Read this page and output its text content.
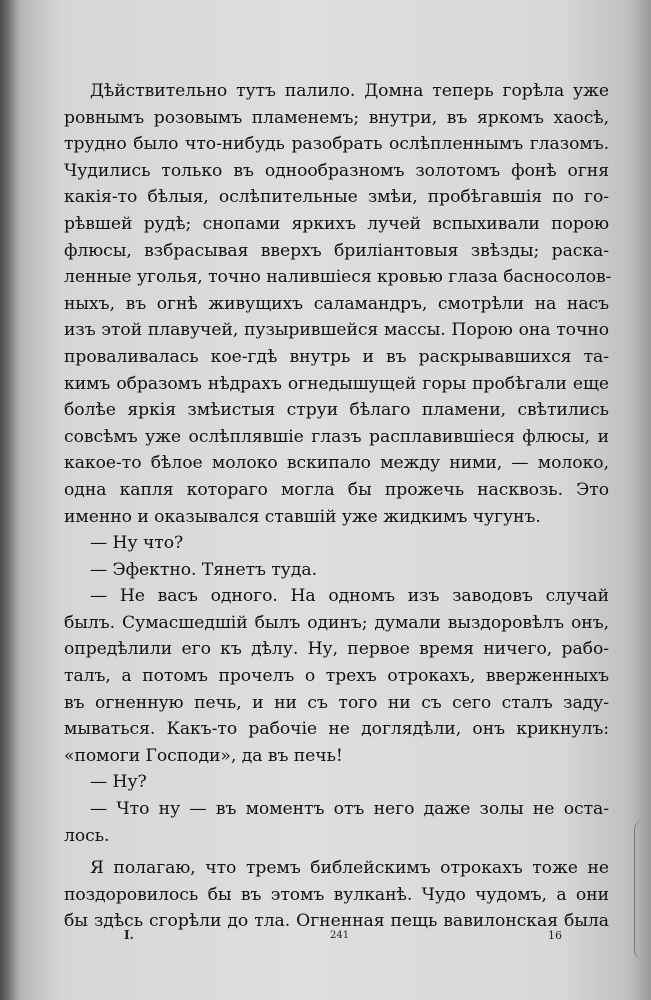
Дѣйствительно тутъ палило. Домна теперь горѣла уже
ровнымъ розовымъ пламенемъ; внутри, въ яркомъ хаосѣ,
трудно было что-нибудь разобрать ослѣпленнымъ глазомъ.
Чудились только въ однообразномъ золотомъ фонѣ огня
какія-то бѣлыя, ослѣпительные змѣи, пробѣгавшія по го-
рѣвшей рудѣ; снопами яркихъ лучей вспыхивали порою
флюсы, взбрасывая вверхъ бриліантовыя звѣзды; раска-
ленные уголья, точно налившіеся кровью глаза басносолов-
ныхъ, въ огнѣ живущихъ саламандръ, смотрѣли на насъ
изъ этой плавучей, пузырившейся массы. Порою она точно
проваливалась кое-гдѣ внутрь и въ раскрывавшихся та-
кимъ образомъ нѣдрахъ огнедышущей горы пробѣгали еще
болѣе яркія змѣистыя струи бѣлаго пламени, свѣтились
совсѣмъ уже ослѣплявшіе глазъ расплавившіеся флюсы, и
какое-то бѣлое молоко вскипало между ними, — молоко,
одна капля котораго могла бы прожечь насквозь. Это
именно и оказывался ставшій уже жидкимъ чугунъ.
— Ну что?
— Эфектно. Тянетъ туда.
— Не васъ одного. На одномъ изъ заводовъ случай
былъ. Сумасшедшій былъ одинъ; думали выздоровѣлъ онъ,
опредѣлили его къ дѣлу. Ну, первое время ничего, рабо-
талъ, а потомъ прочелъ о трехъ отрокахъ, вверженныхъ
въ огненную печь, и ни съ того ни съ сего сталъ заду-
мываться. Какъ-то рабочіе не доглядѣли, онъ крикнулъ:
«помоги Господи», да въ печь!
— Ну?
— Что ну — въ моментъ отъ него даже золы не оста-
лось.
Я полагаю, что тремъ библейскимъ отрокахъ тоже не
поздоровилось бы въ этомъ вулканѣ. Чудо чудомъ, а они
бы здѣсь сгорѣли до тла. Огненная пещь вавилонская была
I.	241	16
